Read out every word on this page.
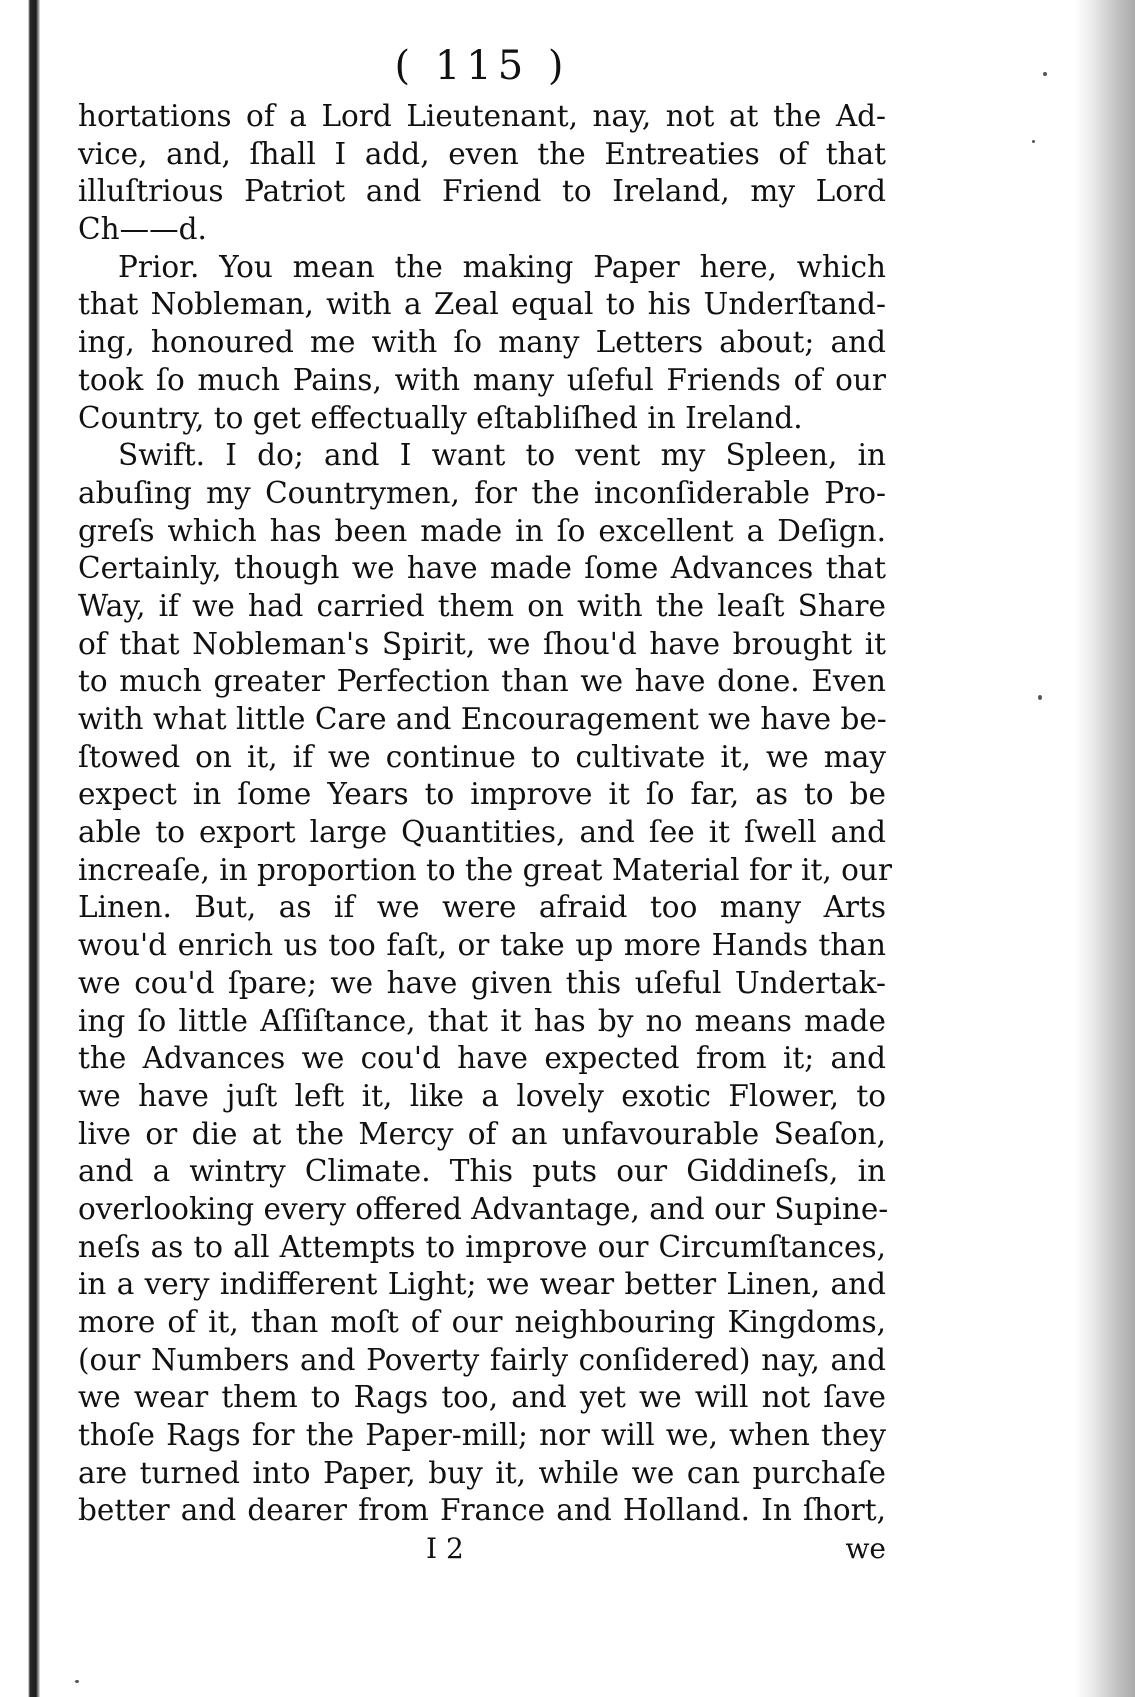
( 115 )
hortations of a Lord Lieutenant, nay, not at the Ad-
vice, and, ſhall I add, even the Entreaties of that
illuſtrious Patriot and Friend to Ireland, my Lord
Ch——d.
Prior. You mean the making Paper here, which
that Nobleman, with a Zeal equal to his Underſtand-
ing, honoured me with ſo many Letters about; and
took ſo much Pains, with many uſeful Friends of our
Country, to get effectually eſtabliſhed in Ireland.
Swift. I do; and I want to vent my Spleen, in
abuſing my Countrymen, for the inconſiderable Pro-
greſs which has been made in ſo excellent a Deſign.
Certainly, though we have made ſome Advances that
Way, if we had carried them on with the leaſt Share
of that Nobleman's Spirit, we ſhou'd have brought it
to much greater Perfection than we have done. Even
with what little Care and Encouragement we have be-
ſtowed on it, if we continue to cultivate it, we may
expect in ſome Years to improve it ſo far, as to be
able to export large Quantities, and ſee it ſwell and
increaſe, in proportion to the great Material for it, our
Linen. But, as if we were afraid too many Arts
wou'd enrich us too faſt, or take up more Hands than
we cou'd ſpare; we have given this uſeful Undertak-
ing ſo little Aſſiſtance, that it has by no means made
the Advances we cou'd have expected from it; and
we have juſt left it, like a lovely exotic Flower, to
live or die at the Mercy of an unfavourable Seaſon,
and a wintry Climate. This puts our Giddineſs, in
overlooking every offered Advantage, and our Supine-
neſs as to all Attempts to improve our Circumſtances,
in a very indifferent Light; we wear better Linen, and
more of it, than moſt of our neighbouring Kingdoms,
(our Numbers and Poverty fairly conſidered) nay, and
we wear them to Rags too, and yet we will not ſave
thoſe Rags for the Paper-mill; nor will we, when they
are turned into Paper, buy it, while we can purchaſe
better and dearer from France and Holland. In ſhort,
I 2	we
